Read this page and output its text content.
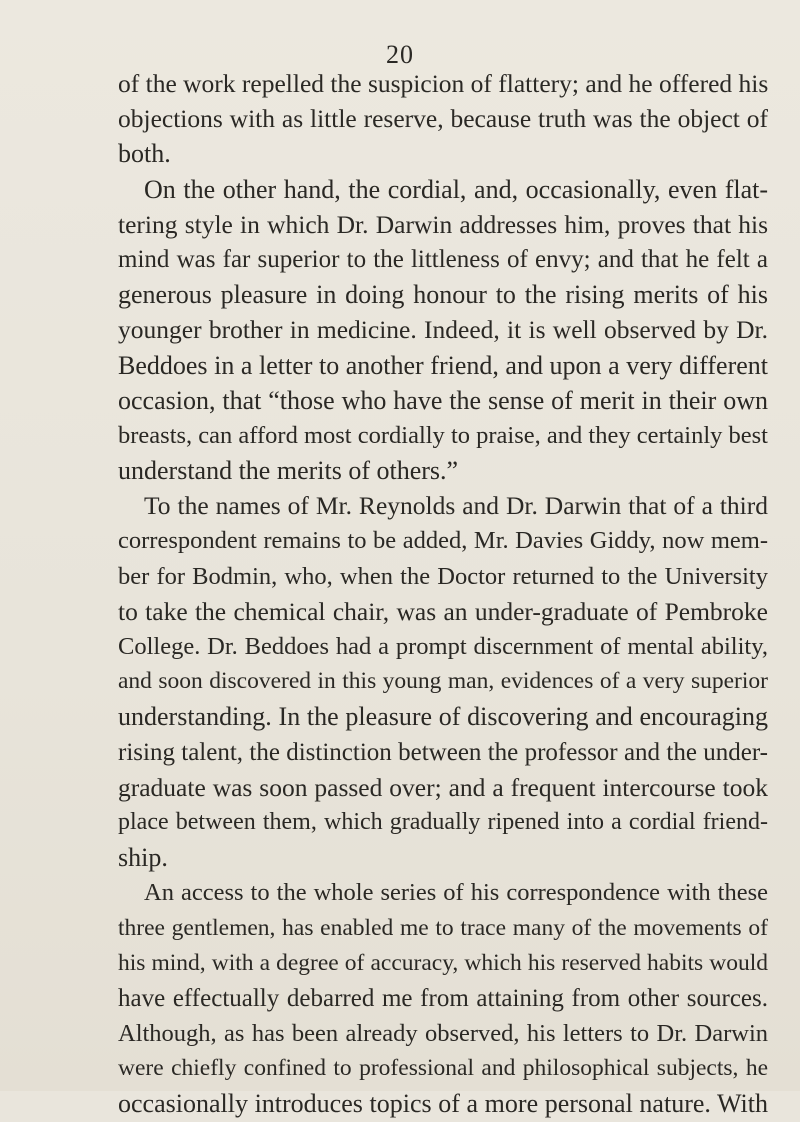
20
of the work repelled the suspicion of flattery; and he offered his
objections with as little reserve, because truth was the object of
both.
On the other hand, the cordial, and, occasionally, even flat-
tering style in which Dr. Darwin addresses him, proves that his
mind was far superior to the littleness of envy; and that he felt a
generous pleasure in doing honour to the rising merits of his
younger brother in medicine. Indeed, it is well observed by Dr.
Beddoes in a letter to another friend, and upon a very different
occasion, that “those who have the sense of merit in their own
breasts, can afford most cordially to praise, and they certainly best
understand the merits of others.”
To the names of Mr. Reynolds and Dr. Darwin that of a third
correspondent remains to be added, Mr. Davies Giddy, now mem-
ber for Bodmin, who, when the Doctor returned to the University
to take the chemical chair, was an under-graduate of Pembroke
College. Dr. Beddoes had a prompt discernment of mental ability,
and soon discovered in this young man, evidences of a very superior
understanding. In the pleasure of discovering and encouraging
rising talent, the distinction between the professor and the under-
graduate was soon passed over; and a frequent intercourse took
place between them, which gradually ripened into a cordial friend-
ship.
An access to the whole series of his correspondence with these
three gentlemen, has enabled me to trace many of the movements of
his mind, with a degree of accuracy, which his reserved habits would
have effectually debarred me from attaining from other sources.
Although, as has been already observed, his letters to Dr. Darwin
were chiefly confined to professional and philosophical subjects, he
occasionally introduces topics of a more personal nature. With
